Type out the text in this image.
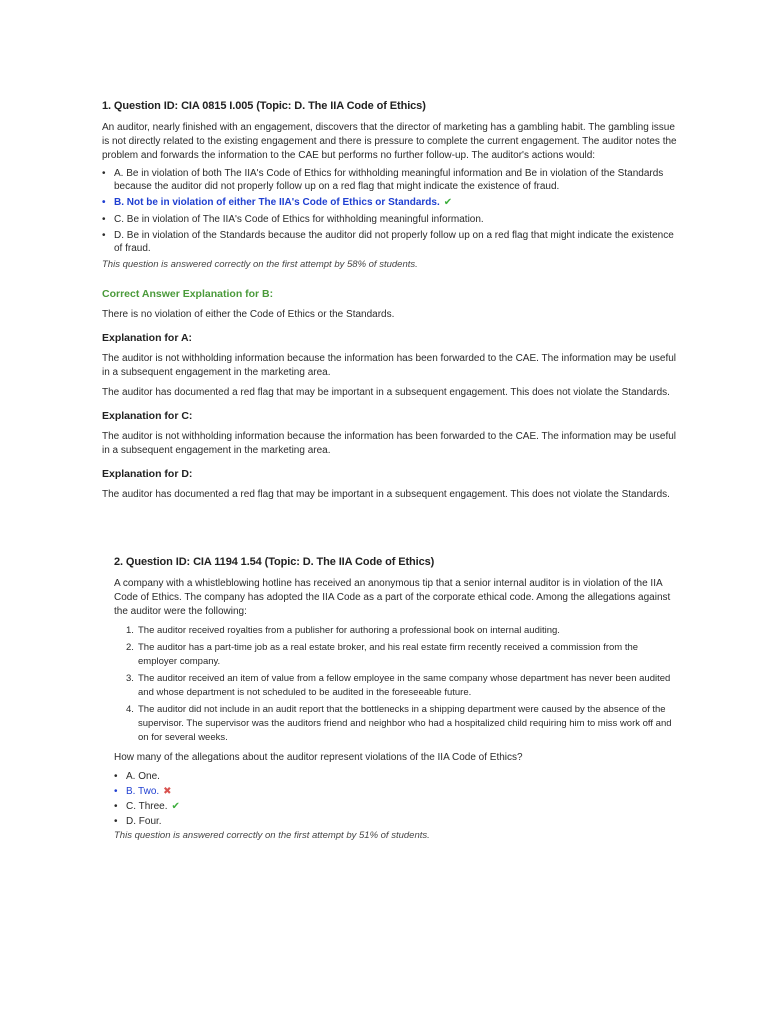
1. Question ID: CIA 0815 I.005 (Topic: D. The IIA Code of Ethics)

An auditor, nearly finished with an engagement, discovers that the director of marketing has a gambling habit. The gambling issue is not directly related to the existing engagement and there is pressure to complete the current engagement. The auditor notes the problem and forwards the information to the CAE but performs no further follow-up. The auditor's actions would:

• A. Be in violation of both The IIA's Code of Ethics for withholding meaningful information and Be in violation of the Standards because the auditor did not properly follow up on a red flag that might indicate the existence of fraud.
• B. Not be in violation of either The IIA's Code of Ethics or Standards. ✔
• C. Be in violation of The IIA's Code of Ethics for withholding meaningful information.
• D. Be in violation of the Standards because the auditor did not properly follow up on a red flag that might indicate the existence of fraud.
This question is answered correctly on the first attempt by 58% of students.
Correct Answer Explanation for B:

There is no violation of either the Code of Ethics or the Standards.

Explanation for A:

The auditor is not withholding information because the information has been forwarded to the CAE. The information may be useful in a subsequent engagement in the marketing area.

The auditor has documented a red flag that may be important in a subsequent engagement. This does not violate the Standards.

Explanation for C:

The auditor is not withholding information because the information has been forwarded to the CAE. The information may be useful in a subsequent engagement in the marketing area.

Explanation for D:

The auditor has documented a red flag that may be important in a subsequent engagement. This does not violate the Standards.

2. Question ID: CIA 1194 1.54 (Topic: D. The IIA Code of Ethics)

A company with a whistleblowing hotline has received an anonymous tip that a senior internal auditor is in violation of the IIA Code of Ethics. The company has adopted the IIA Code as a part of the corporate ethical code. Among the allegations against the auditor were the following:

1. The auditor received royalties from a publisher for authoring a professional book on internal auditing.
2. The auditor has a part-time job as a real estate broker, and his real estate firm recently received a commission from the employer company.
3. The auditor received an item of value from a fellow employee in the same company whose department has never been audited and whose department is not scheduled to be audited in the foreseeable future.
4. The auditor did not include in an audit report that the bottlenecks in a shipping department were caused by the absence of the supervisor. The supervisor was the auditors friend and neighbor who had a hospitalized child requiring him to miss work off and on for several weeks.

How many of the allegations about the auditor represent violations of the IIA Code of Ethics?

• A. One.
• B. Two. ✖
• C. Three. ✔
• D. Four.
This question is answered correctly on the first attempt by 51% of students.
